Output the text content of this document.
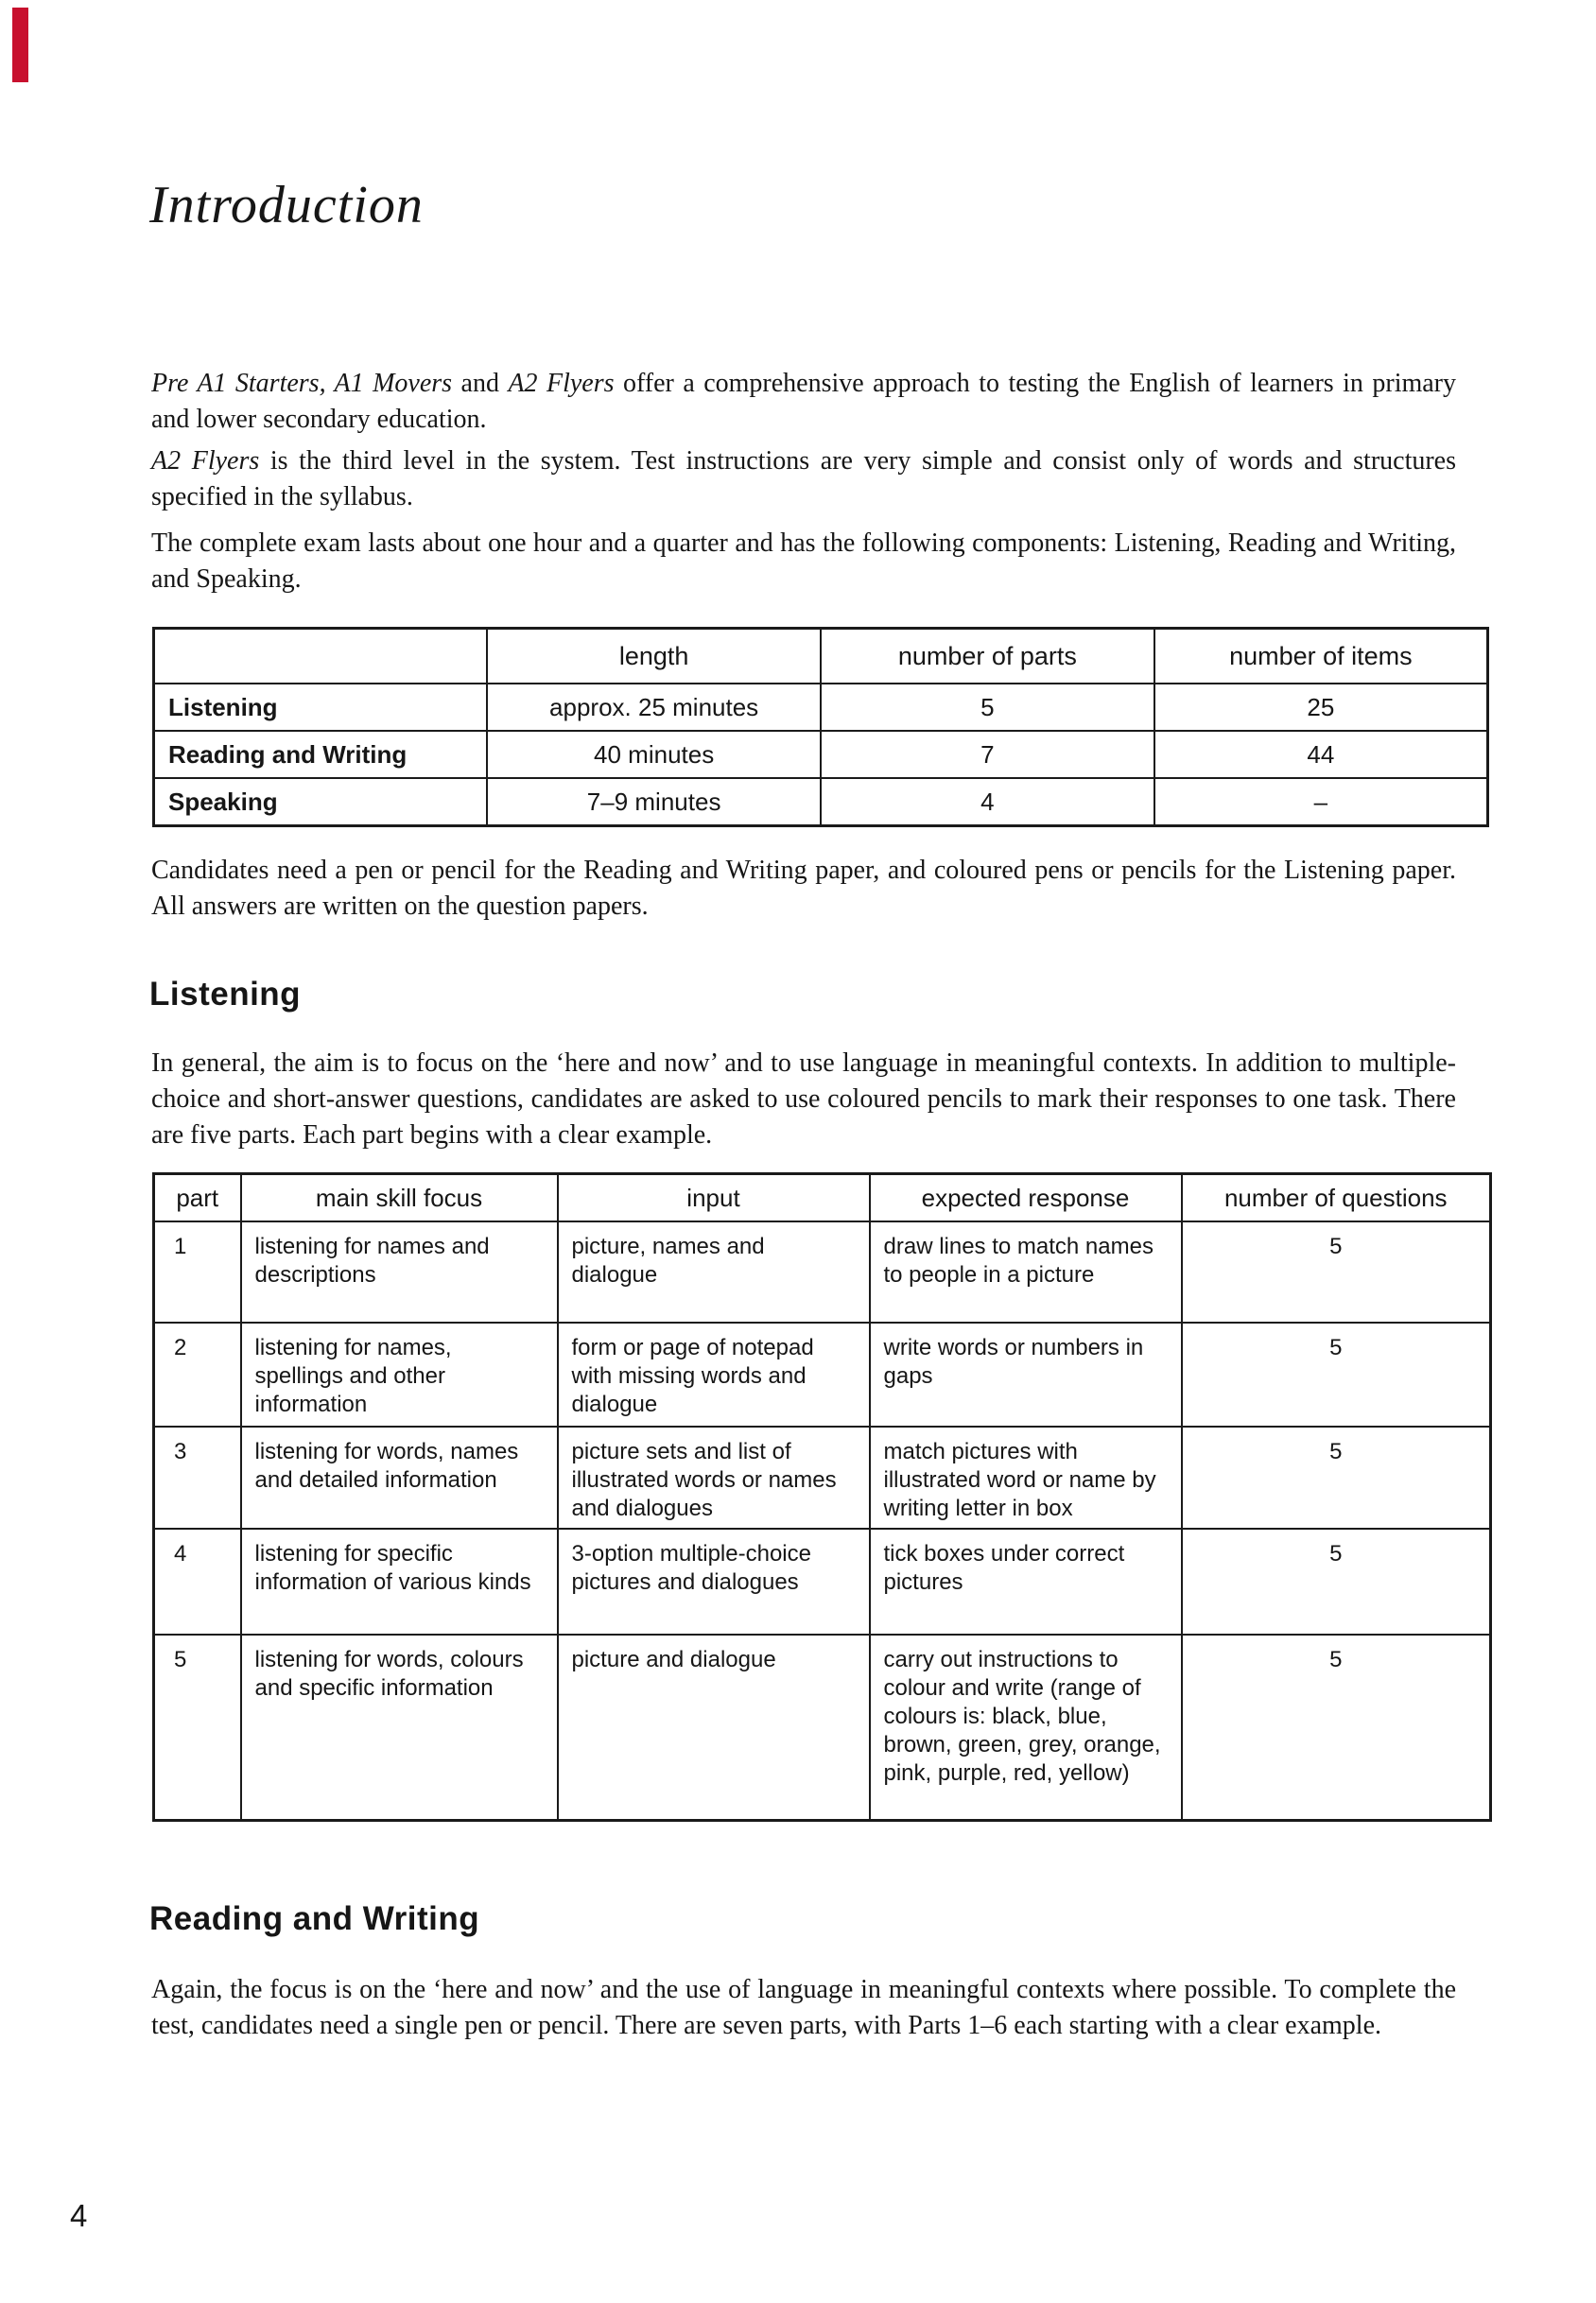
Introduction

Pre A1 Starters, A1 Movers and A2 Flyers offer a comprehensive approach to testing the English of learners in primary and lower secondary education.

A2 Flyers is the third level in the system. Test instructions are very simple and consist only of words and structures specified in the syllabus.

The complete exam lasts about one hour and a quarter and has the following components: Listening, Reading and Writing, and Speaking.

	length	number of parts	number of items
Listening	approx. 25 minutes	5	25
Reading and Writing	40 minutes	7	44
Speaking	7–9 minutes	4	–

Candidates need a pen or pencil for the Reading and Writing paper, and coloured pens or pencils for the Listening paper. All answers are written on the question papers.

Listening

In general, the aim is to focus on the ‘here and now’ and to use language in meaningful contexts. In addition to multiple-choice and short-answer questions, candidates are asked to use coloured pencils to mark their responses to one task. There are five parts. Each part begins with a clear example.

part	main skill focus	input	expected response	number of questions
1	listening for names and descriptions	picture, names and dialogue	draw lines to match names to people in a picture	5
2	listening for names, spellings and other information	form or page of notepad with missing words and dialogue	write words or numbers in gaps	5
3	listening for words, names and detailed information	picture sets and list of illustrated words or names and dialogues	match pictures with illustrated word or name by writing letter in box	5
4	listening for specific information of various kinds	3-option multiple-choice pictures and dialogues	tick boxes under correct pictures	5
5	listening for words, colours and specific information	picture and dialogue	carry out instructions to colour and write (range of colours is: black, blue, brown, green, grey, orange, pink, purple, red, yellow)	5
Reading and Writing

Again, the focus is on the ‘here and now’ and the use of language in meaningful contexts where possible. To complete the test, candidates need a single pen or pencil. There are seven parts, with Parts 1–6 each starting with a clear example.

4
